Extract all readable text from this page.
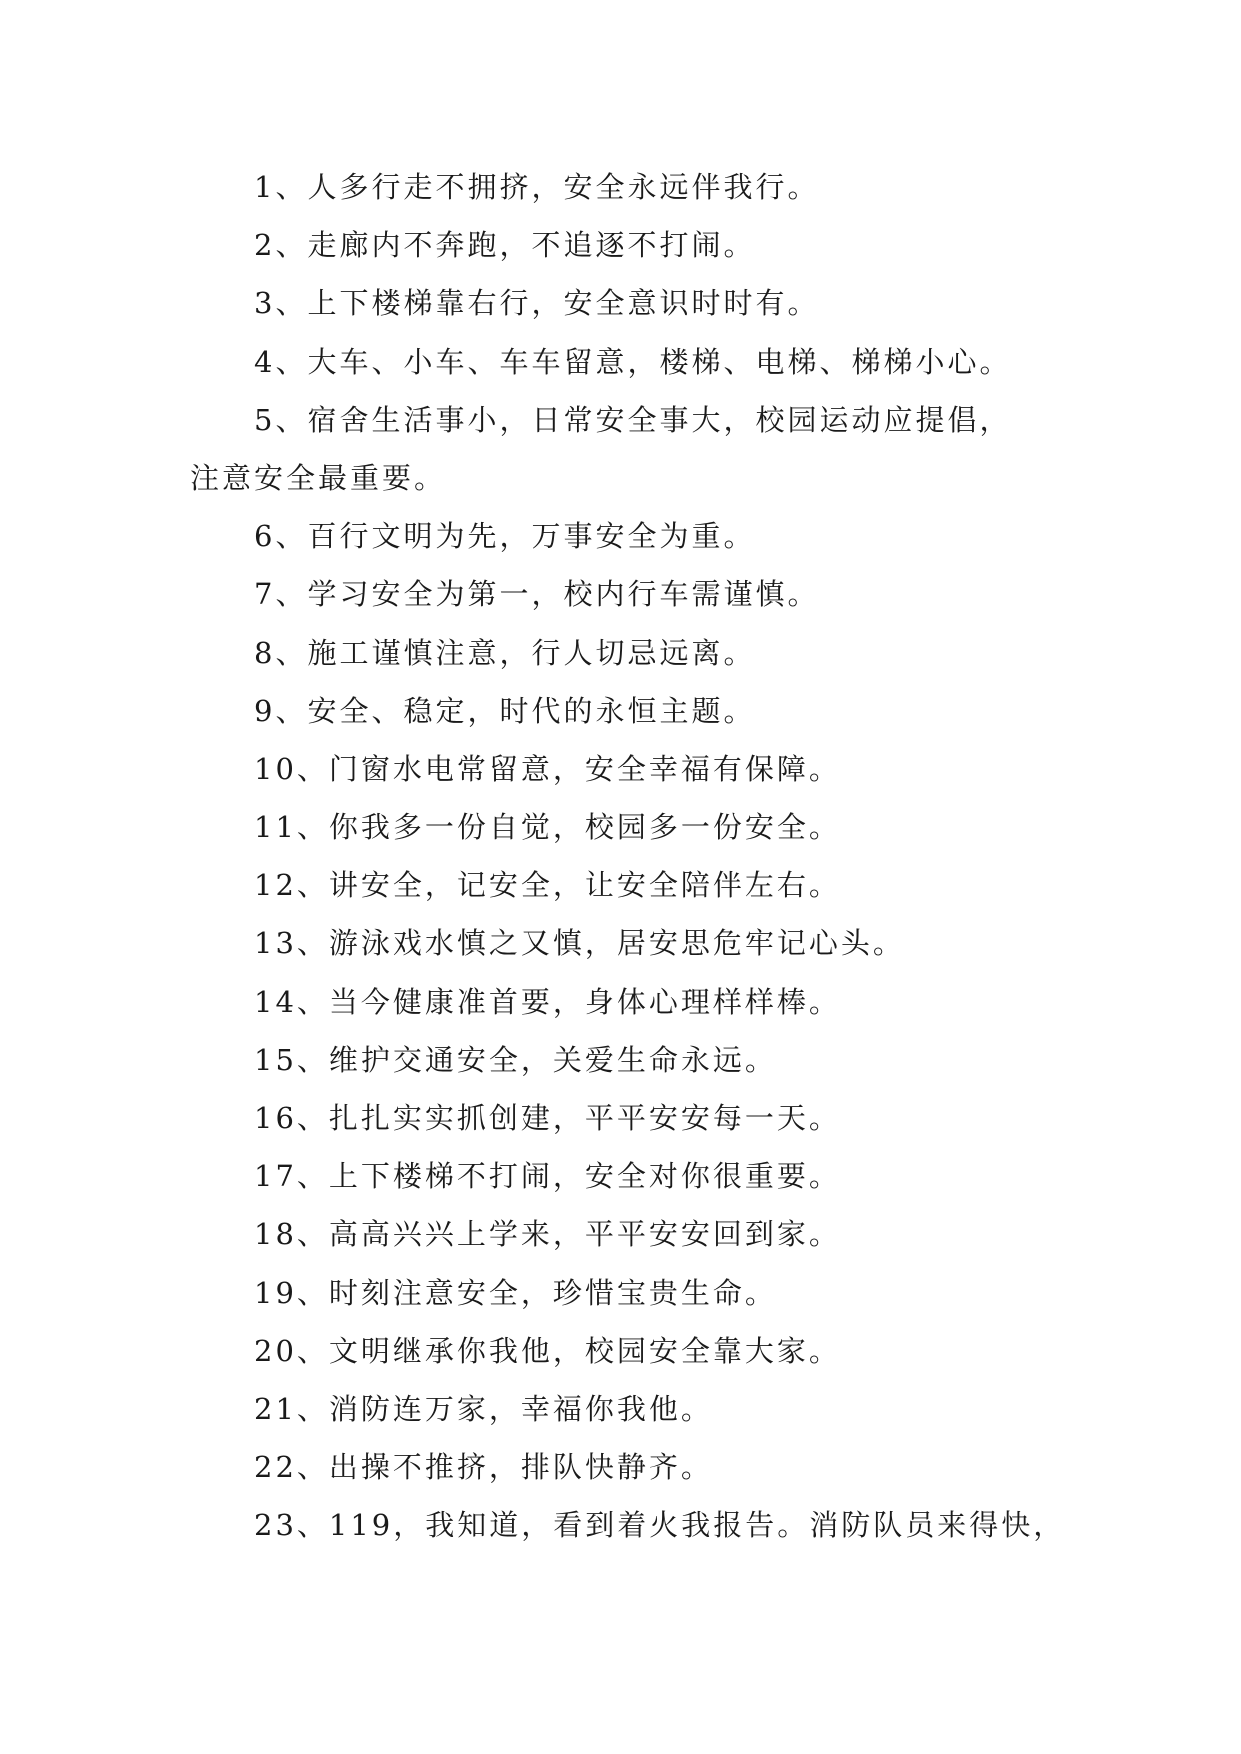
1、人多行走不拥挤，安全永远伴我行。
2、走廊内不奔跑，不追逐不打闹。
3、上下楼梯靠右行，安全意识时时有。
4、大车、小车、车车留意，楼梯、电梯、梯梯小心。
5、宿舍生活事小，日常安全事大，校园运动应提倡，
注意安全最重要。
6、百行文明为先，万事安全为重。
7、学习安全为第一，校内行车需谨慎。
8、施工谨慎注意，行人切忌远离。
9、安全、稳定，时代的永恒主题。
10、门窗水电常留意，安全幸福有保障。
11、你我多一份自觉，校园多一份安全。
12、讲安全，记安全，让安全陪伴左右。
13、游泳戏水慎之又慎，居安思危牢记心头。
14、当今健康准首要，身体心理样样棒。
15、维护交通安全，关爱生命永远。
16、扎扎实实抓创建，平平安安每一天。
17、上下楼梯不打闹，安全对你很重要。
18、高高兴兴上学来，平平安安回到家。
19、时刻注意安全，珍惜宝贵生命。
20、文明继承你我他，校园安全靠大家。
21、消防连万家，幸福你我他。
22、出操不推挤，排队快静齐。
23、119，我知道，看到着火我报告。消防队员来得快，
